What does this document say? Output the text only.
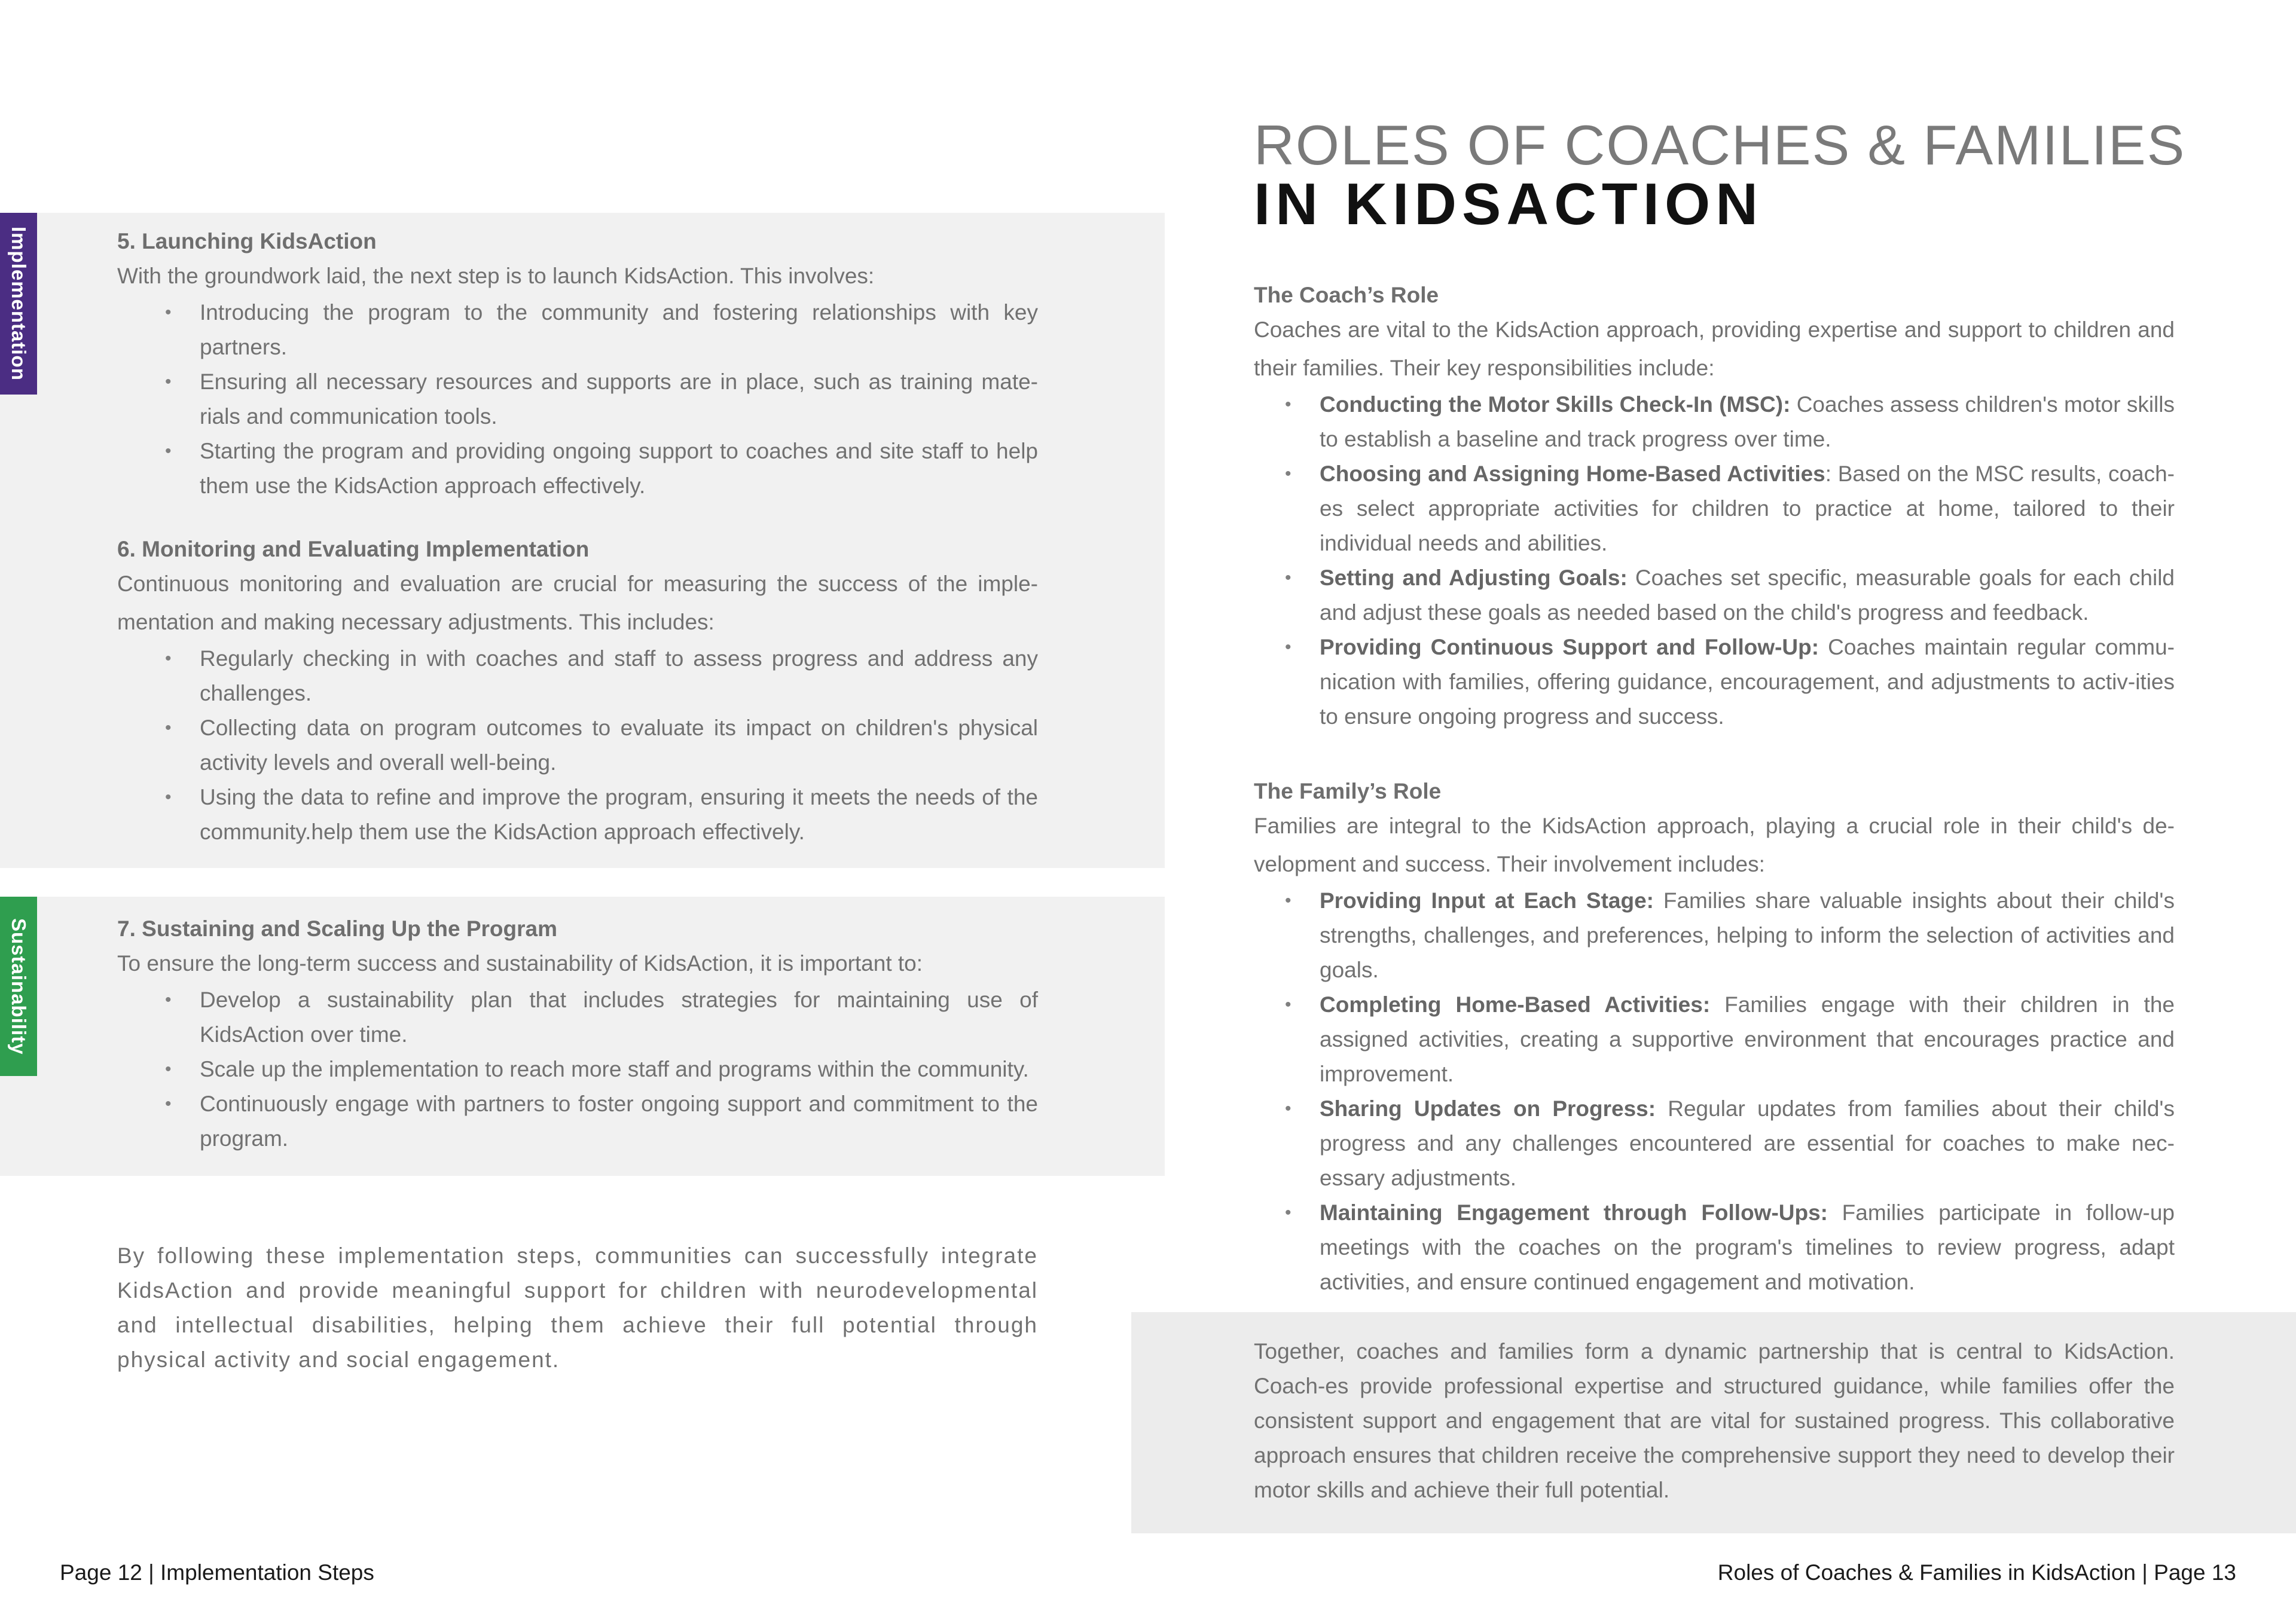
Implementation
Sustainability
5. Launching KidsAction

With the groundwork laid, the next step is to launch KidsAction. This involves:

• Introducing the program to the community and fostering relationships with key partners.
• Ensuring all necessary resources and supports are in place, such as training mate-rials and communication tools.
• Starting the program and providing ongoing support to coaches and site staff to help them use the KidsAction approach effectively.
6. Monitoring and Evaluating Implementation

Continuous monitoring and evaluation are crucial for measuring the success of the imple-mentation and making necessary adjustments. This includes:

• Regularly checking in with coaches and staff to assess progress and address any challenges.
• Collecting data on program outcomes to evaluate its impact on children's physical activity levels and overall well-being.
• Using the data to refine and improve the program, ensuring it meets the needs of the community.help them use the KidsAction approach effectively.
7. Sustaining and Scaling Up the Program

To ensure the long-term success and sustainability of KidsAction, it is important to:

• Develop a sustainability plan that includes strategies for maintaining use of KidsAction over time.
• Scale up the implementation to reach more staff and programs within the community.
• Continuously engage with partners to foster ongoing support and commitment to the program.

By following these implementation steps, communities can successfully integrate KidsAction and provide meaningful support for children with neurodevelopmental and intellectual disabilities, helping them achieve their full potential through physical activity and social engagement.

ROLES OF COACHES & FAMILIES
IN KIDSACTION
The Coach’s Role

Coaches are vital to the KidsAction approach, providing expertise and support to children and their families. Their key responsibilities include:

• Conducting the Motor Skills Check-In (MSC): Coaches assess children's motor skills to establish a baseline and track progress over time.
• Choosing and Assigning Home-Based Activities: Based on the MSC results, coach-es select appropriate activities for children to practice at home, tailored to their individual needs and abilities.
• Setting and Adjusting Goals: Coaches set specific, measurable goals for each child and adjust these goals as needed based on the child's progress and feedback.
• Providing Continuous Support and Follow-Up: Coaches maintain regular commu-nication with families, offering guidance, encouragement, and adjustments to activ-ities to ensure ongoing progress and success.
The Family’s Role

Families are integral to the KidsAction approach, playing a crucial role in their child's de-velopment and success. Their involvement includes:

• Providing Input at Each Stage: Families share valuable insights about their child's strengths, challenges, and preferences, helping to inform the selection of activities and goals.
• Completing Home-Based Activities: Families engage with their children in the assigned activities, creating a supportive environment that encourages practice and improvement.
• Sharing Updates on Progress: Regular updates from families about their child's progress and any challenges encountered are essential for coaches to make nec-essary adjustments.
• Maintaining Engagement through Follow-Ups: Families participate in follow-up meetings with the coaches on the program's timelines to review progress, adapt activities, and ensure continued engagement and motivation.

Together, coaches and families form a dynamic partnership that is central to KidsAction. Coach-es provide professional expertise and structured guidance, while families offer the consistent support and engagement that are vital for sustained progress. This collaborative approach ensures that children receive the comprehensive support they need to develop their motor skills and achieve their full potential.

Page 12 | Implementation Steps	Roles of Coaches & Families in KidsAction | Page 13
